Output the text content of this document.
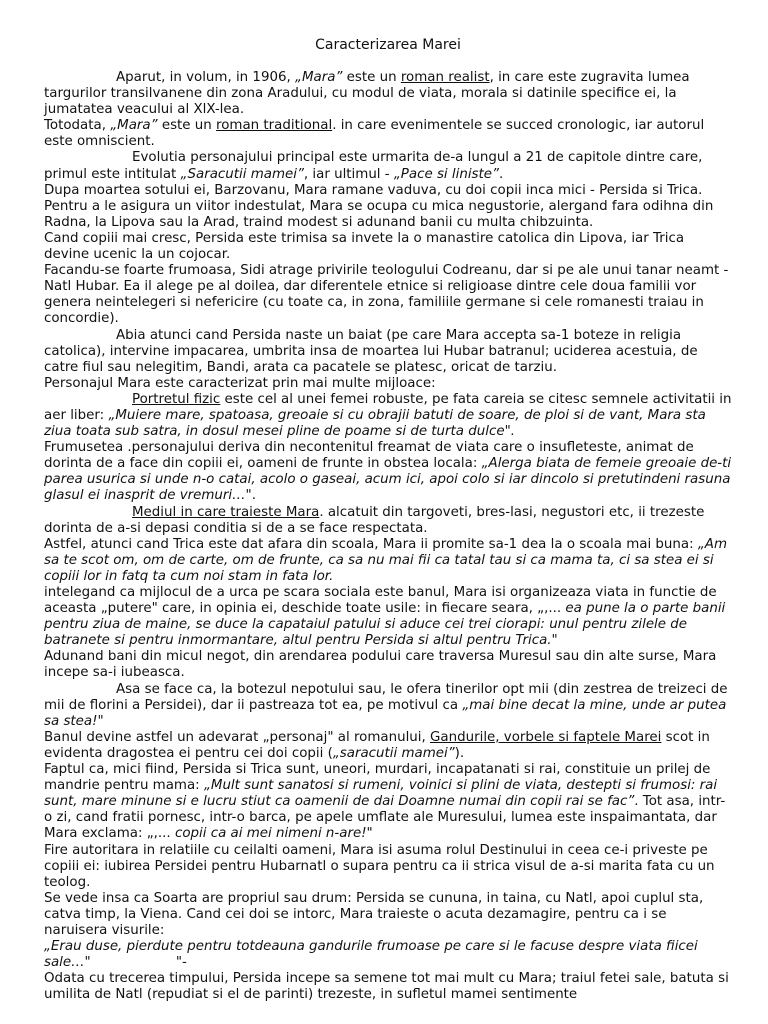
Caracterizarea Marei

Aparut, in volum, in 1906, „Mara” este un roman realist, in care este zugravita lumea targurilor transilvanene din zona Aradului, cu modul de viata, morala si datinile specifice ei, la jumatatea veacului al XlX-lea.

Totodata, „Mara” este un roman traditional. in care evenimentele se succed cronologic, iar autorul este omniscient.

Evolutia personajului principal este urmarita de-a lungul a 21 de capitole dintre care, primul este intitulat „Saracutii mamei”, iar ultimul - „Pace si liniste”.

Dupa moartea sotului ei, Barzovanu, Mara ramane vaduva, cu doi copii inca mici - Persida si Trica.

Pentru a le asigura un viitor indestulat, Mara se ocupa cu mica negustorie, alergand fara odihna din Radna, la Lipova sau la Arad, traind modest si adunand banii cu multa chibzuinta.

Cand copiii mai cresc, Persida este trimisa sa invete la o manastire catolica din Lipova, iar Trica devine ucenic la un cojocar.

Facandu-se foarte frumoasa, Sidi atrage privirile teologului Codreanu, dar si pe ale unui tanar neamt - Natl Hubar. Ea il alege pe al doilea, dar diferentele etnice si religioase dintre cele doua familii vor genera neintelegeri si nefericire (cu toate ca, in zona, familiile germane si cele romanesti traiau in concordie).

Abia atunci cand Persida naste un baiat (pe care Mara accepta sa-1 boteze in religia catolica), intervine impacarea, umbrita insa de moartea lui Hubar batranul; uciderea acestuia, de catre fiul sau nelegitim, Bandi, arata ca pacatele se platesc, oricat de tarziu.

Personajul Mara este caracterizat prin mai multe mijloace:

Portretul fizic este cel al unei femei robuste, pe fata careia se citesc semnele activitatii in aer liber: „Muiere mare, spatoasa, greoaie si cu obrajii batuti de soare, de ploi si de vant, Mara sta ziua toata sub satra, in dosul mesei pline de poame si de turta dulce".

Frumusetea .personajului deriva din necontenitul freamat de viata care o insufleteste, animat de dorinta de a face din copiii ei, oameni de frunte in obstea locala: „Alerga biata de femeie greoaie de-ti parea usurica si unde n-o catai, acolo o gaseai, acum ici, apoi colo si iar dincolo si pretutindeni rasuna glasul ei inasprit de vremuri…".

Mediul in care traieste Mara. alcatuit din targoveti, bres-lasi, negustori etc, ii trezeste dorinta de a-si depasi conditia si de a se face respectata.

Astfel, atunci cand Trica este dat afara din scoala, Mara ii promite sa-1 dea la o scoala mai buna: „Am sa te scot om, om de carte, om de frunte, ca sa nu mai fii ca tatal tau si ca mama ta, ci sa stea ei si copiii lor in fatq ta cum noi stam in fata lor.

intelegand ca mijlocul de a urca pe scara sociala este banul, Mara isi organizeaza viata in functie de aceasta „putere" care, in opinia ei, deschide toate usile: in fiecare seara, „,... ea pune la o parte banii pentru ziua de maine, se duce la capataiul patului si aduce cei trei ciorapi: unul pentru zilele de batranete si pentru inmormantare, altul pentru Persida si altul pentru Trica."

Adunand bani din micul negot, din arendarea podului care traversa Muresul sau din alte surse, Mara incepe sa-i iubeasca.

Asa se face ca, la botezul nepotului sau, le ofera tinerilor opt mii (din zestrea de treizeci de mii de florini a Persidei), dar ii pastreaza tot ea, pe motivul ca „mai bine decat la mine, unde ar putea sa stea!"

Banul devine astfel un adevarat „personaj" al romanului, Gandurile, vorbele si faptele Marei scot in evidenta dragostea ei pentru cei doi copii („saracutii mamei”).

Faptul ca, mici fiind, Persida si Trica sunt, uneori, murdari, incapatanati si rai, constituie un prilej de mandrie pentru mama: „Mult sunt sanatosi si rumeni, voinici si plini de viata, destepti si frumosi: rai sunt, mare minune si e lucru stiut ca oamenii de dai Doamne numai din copii rai se fac”. Tot asa, intr-o zi, cand fratii pornesc, intr-o barca, pe apele umflate ale Muresului, lumea este inspaimantata, dar Mara exclama: „,... copii ca ai mei nimeni n-are!"

Fire autoritara in relatiile cu ceilalti oameni, Mara isi asuma rolul Destinului in ceea ce-i priveste pe copiii ei: iubirea Persidei pentru Hubarnatl o supara pentru ca ii strica visul de a-si marita fata cu un teolog.

Se vede insa ca Soarta are propriul sau drum: Persida se cununa, in taina, cu Natl, apoi cuplul sta, catva timp, la Viena. Cand cei doi se intorc, Mara traieste o acuta dezamagire, pentru ca i se naruisera visurile:

„Erau duse, pierdute pentru totdeauna gandurile frumoase pe care si le facuse despre viata fiicei sale…"                    "-

Odata cu trecerea timpului, Persida incepe sa semene tot mai mult cu Mara; traiul fetei sale, batuta si umilita de Natl (repudiat si el de parinti) trezeste, in sufletul mamei sentimente
